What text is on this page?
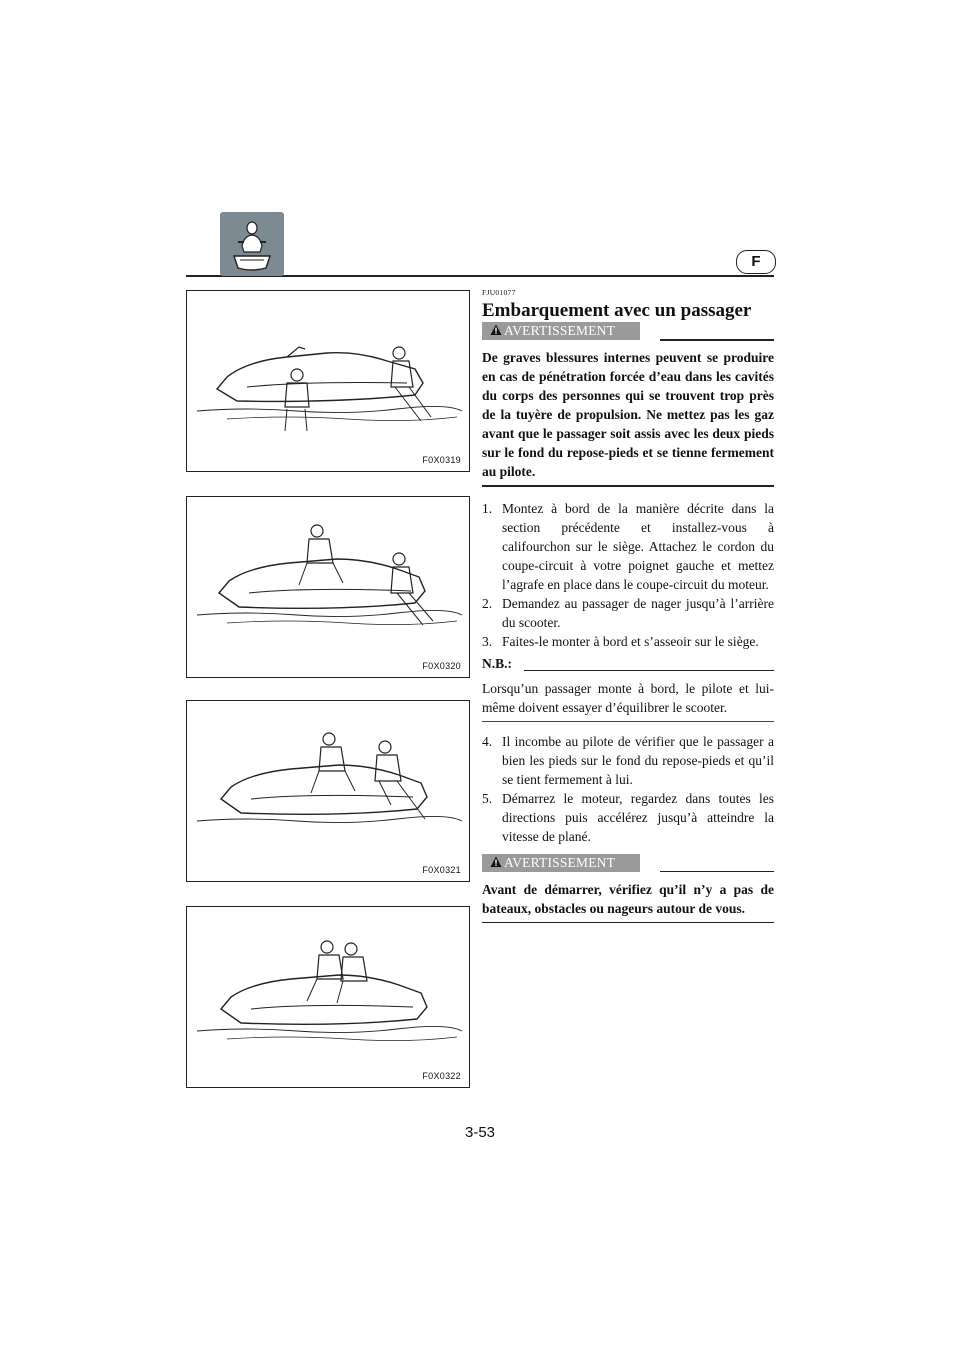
F
F0X0319
F0X0320
F0X0321
F0X0322
FJU01077
Embarquement avec un passager
AVERTISSEMENT
De graves blessures internes peuvent se produire en cas de pénétration forcée d’eau dans les cavités du corps des personnes qui se trouvent trop près de la tuyère de propulsion. Ne mettez pas les gaz avant que le passager soit assis avec les deux pieds sur le fond du repose-pieds et se tienne fermement au pilote.
1. Montez à bord de la manière décrite dans la section précédente et installez-vous à califourchon sur le siège. Attachez le cordon du coupe-circuit à votre poignet gauche et mettez l’agrafe en place dans le coupe-circuit du moteur.
2. Demandez au passager de nager jusqu’à l’arrière du scooter.
3. Faites-le monter à bord et s’asseoir sur le siège.
N.B.:
Lorsqu’un passager monte à bord, le pilote et lui-même doivent essayer d’équilibrer le scooter.
4. Il incombe au pilote de vérifier que le passager a bien les pieds sur le fond du repose-pieds et qu’il se tient fermement à lui.
5. Démarrez le moteur, regardez dans toutes les directions puis accélérez jusqu’à atteindre la vitesse de plané.
AVERTISSEMENT
Avant de démarrer, vérifiez qu’il n’y a pas de bateaux, obstacles ou nageurs autour de vous.
3-53
